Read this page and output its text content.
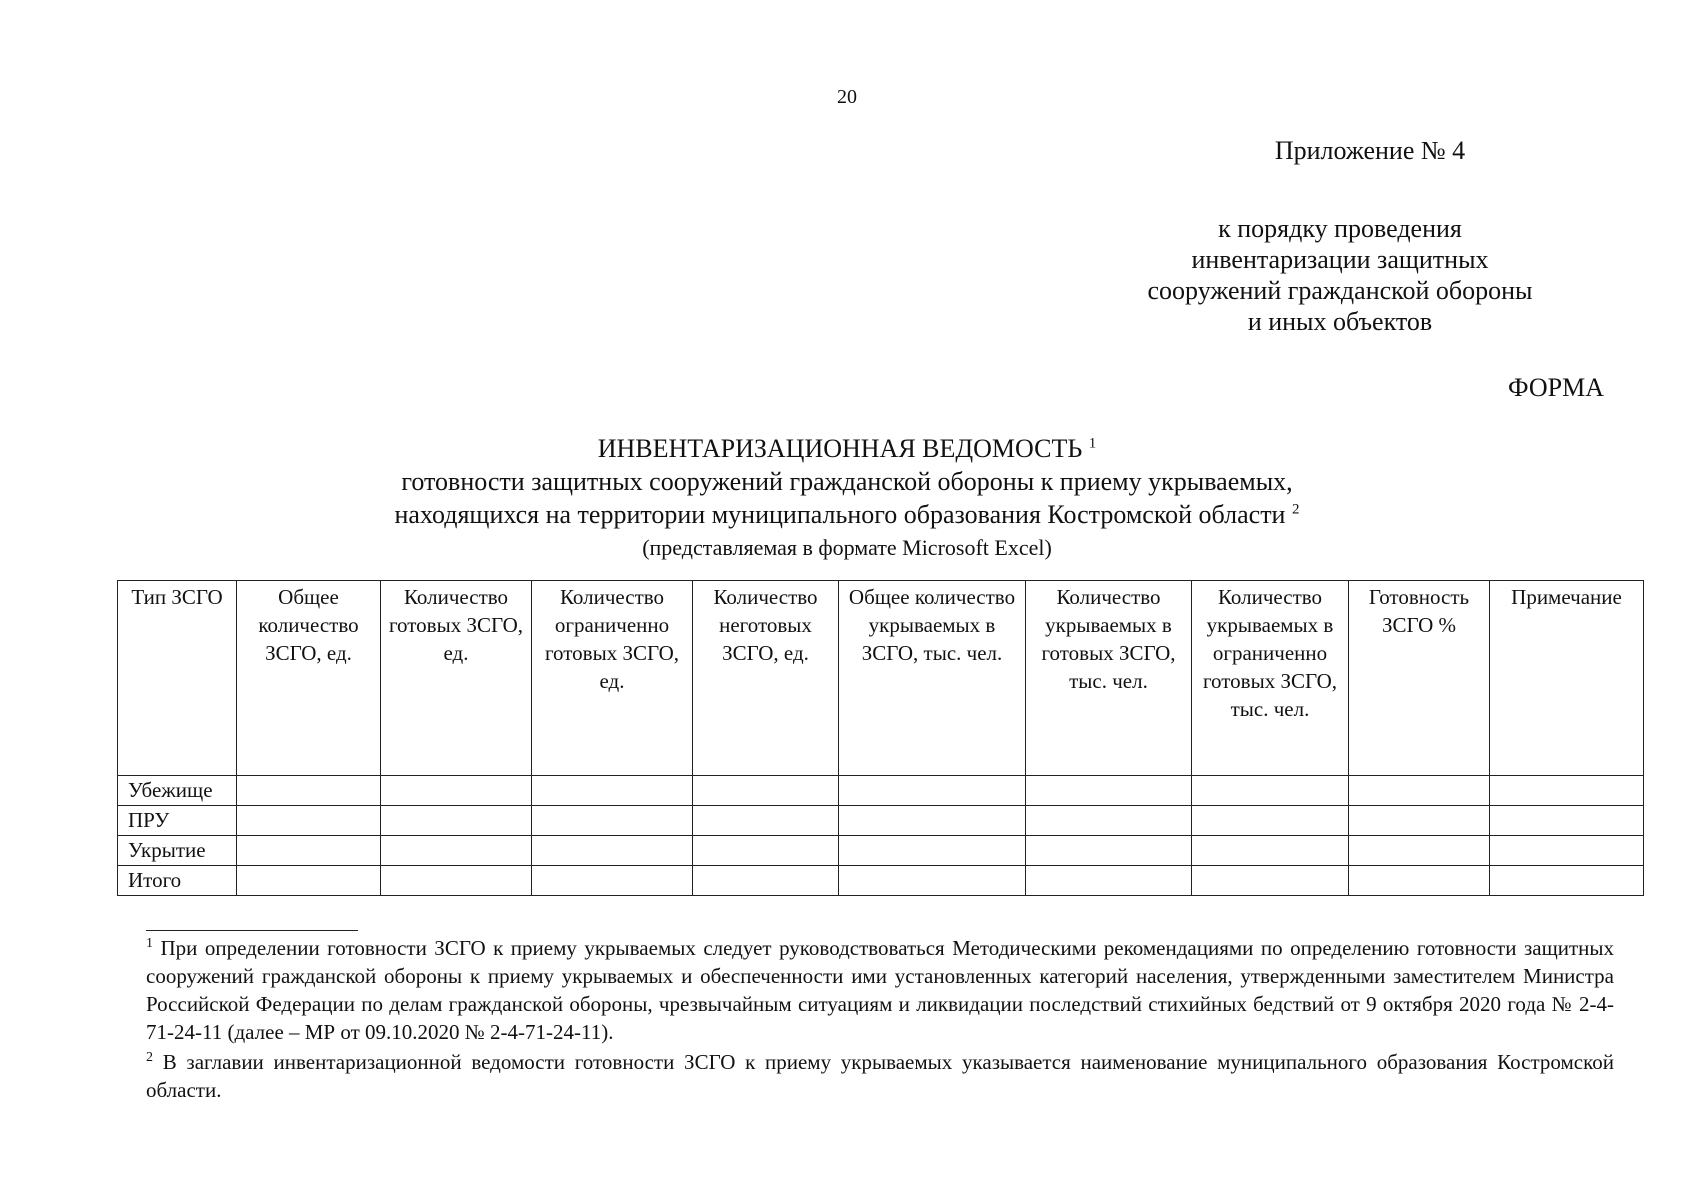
20
Приложение № 4
к порядку проведения
инвентаризации защитных
сооружений гражданской обороны
и иных объектов
ФОРМА
ИНВЕНТАРИЗАЦИОННАЯ ВЕДОМОСТЬ $^1$
готовности защитных сооружений гражданской обороны к приему укрываемых,
находящихся на территории муниципального образования Костромской области $^2$
(представляемая в формате Microsoft Excel)
Тип ЗСГО	Общее количество ЗСГО, ед.	Количество готовых ЗСГО, ед.	Количество ограниченно готовых ЗСГО, ед.	Количество неготовых ЗСГО, ед.	Общее количество укрываемых в ЗСГО, тыс. чел.	Количество укрываемых в готовых ЗСГО, тыс. чел.	Количество укрываемых в ограниченно готовых ЗСГО, тыс. чел.	Готовность ЗСГО %	Примечание
Убежище									
ПРУ									
Укрытие									
Итого									

$^1$ При определении готовности ЗСГО к приему укрываемых следует руководствоваться Методическими рекомендациями по определению готовности защитных сооружений гражданской обороны к приему укрываемых и обеспеченности ими установленных категорий населения, утвержденными заместителем Министра Российской Федерации по делам гражданской обороны, чрезвычайным ситуациям и ликвидации последствий стихийных бедствий от 9 октября 2020 года № 2-4-71-24-11 (далее – МР от 09.10.2020 № 2-4-71-24-11).

$^2$ В заглавии инвентаризационной ведомости готовности ЗСГО к приему укрываемых указывается наименование муниципального образования Костромской области.
